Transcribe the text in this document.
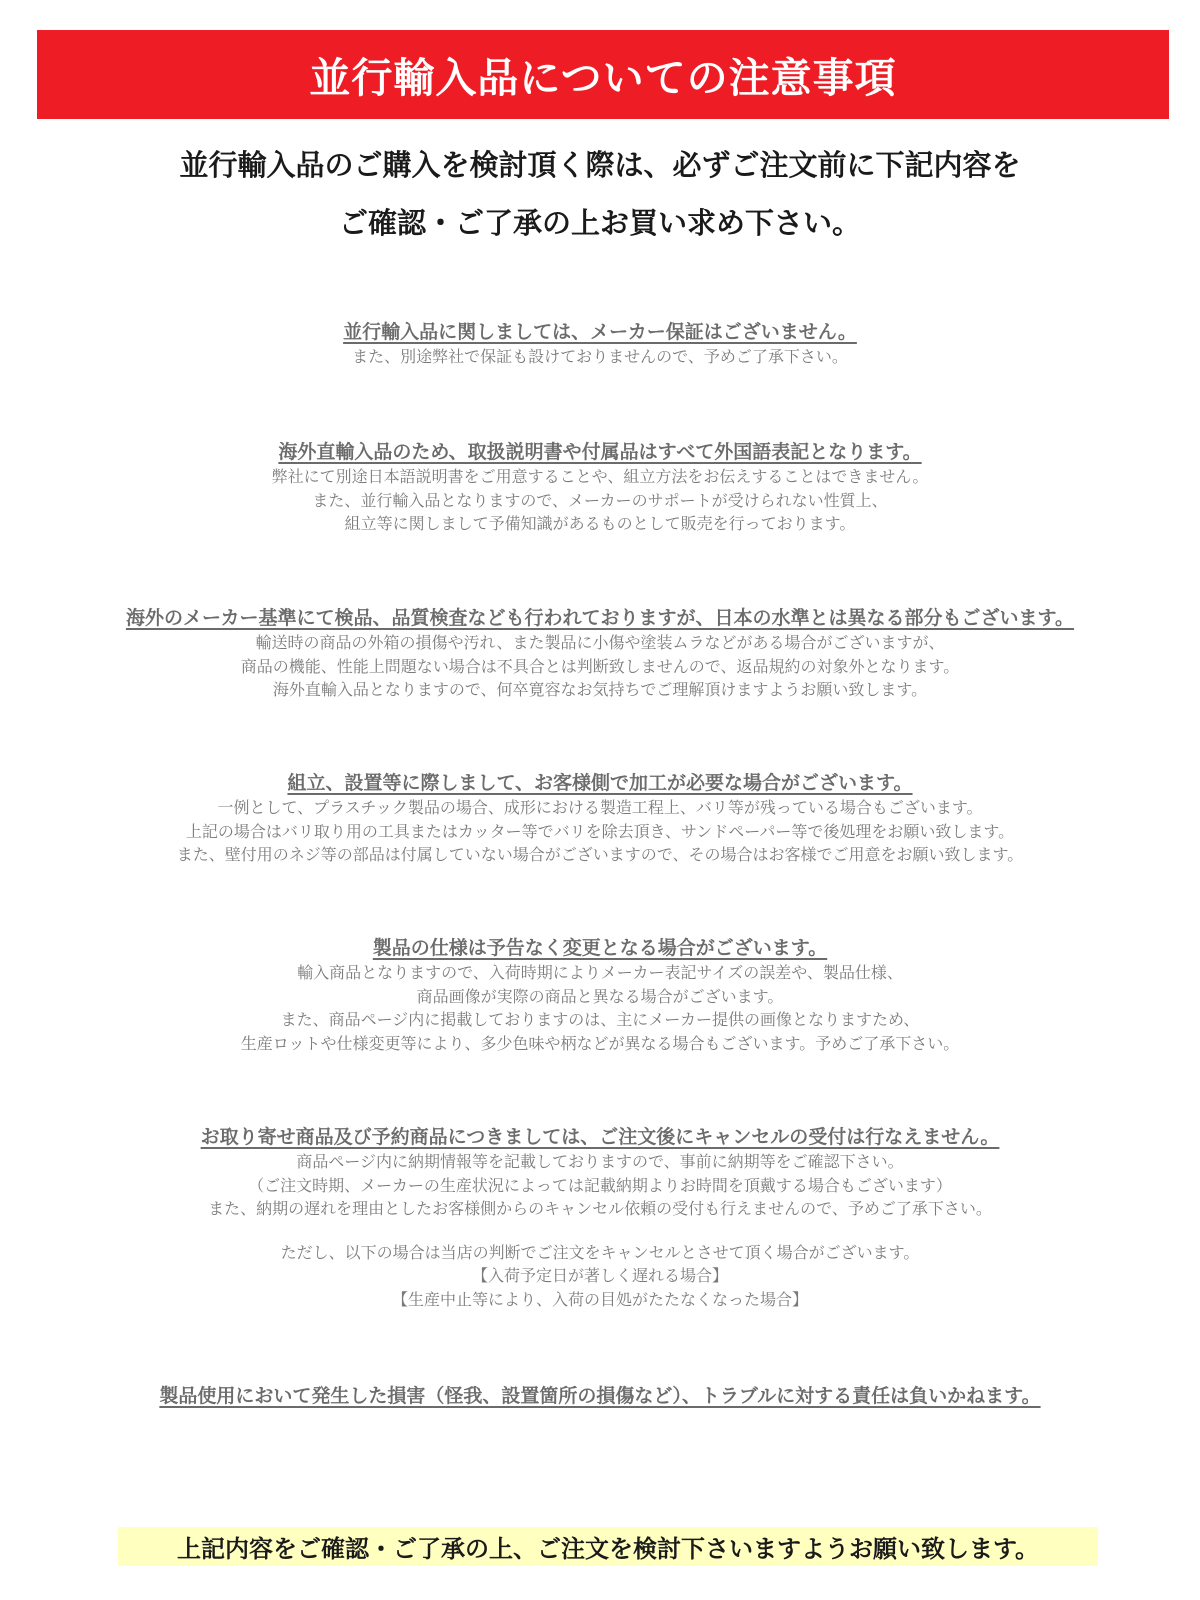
並行輸入品についての注意事項
並行輸入品のご購入を検討頂く際は、必ずご注文前に下記内容を
ご確認・ご了承の上お買い求め下さい。
並行輸入品に関しましては、メーカー保証はございません。
また、別途弊社で保証も設けておりませんので、予めご了承下さい。
海外直輸入品のため、取扱説明書や付属品はすべて外国語表記となります。
弊社にて別途日本語説明書をご用意することや、組立方法をお伝えすることはできません。
また、並行輸入品となりますので、メーカーのサポートが受けられない性質上、
組立等に関しまして予備知識があるものとして販売を行っております。
海外のメーカー基準にて検品、品質検査なども行われておりますが、日本の水準とは異なる部分もございます。
輸送時の商品の外箱の損傷や汚れ、また製品に小傷や塗装ムラなどがある場合がございますが、
商品の機能、性能上問題ない場合は不具合とは判断致しませんので、返品規約の対象外となります。
海外直輸入品となりますので、何卒寛容なお気持ちでご理解頂けますようお願い致します。
組立、設置等に際しまして、お客様側で加工が必要な場合がございます。
一例として、プラスチック製品の場合、成形における製造工程上、バリ等が残っている場合もございます。
上記の場合はバリ取り用の工具またはカッター等でバリを除去頂き、サンドペーパー等で後処理をお願い致します。
また、壁付用のネジ等の部品は付属していない場合がございますので、その場合はお客様でご用意をお願い致します。
製品の仕様は予告なく変更となる場合がございます。
輸入商品となりますので、入荷時期によりメーカー表記サイズの誤差や、製品仕様、
商品画像が実際の商品と異なる場合がございます。
また、商品ページ内に掲載しておりますのは、主にメーカー提供の画像となりますため、
生産ロットや仕様変更等により、多少色味や柄などが異なる場合もございます。予めご了承下さい。
お取り寄せ商品及び予約商品につきましては、ご注文後にキャンセルの受付は行なえません。
商品ページ内に納期情報等を記載しておりますので、事前に納期等をご確認下さい。
（ご注文時期、メーカーの生産状況によっては記載納期よりお時間を頂戴する場合もございます）
また、納期の遅れを理由としたお客様側からのキャンセル依頼の受付も行えませんので、予めご了承下さい。
ただし、以下の場合は当店の判断でご注文をキャンセルとさせて頂く場合がございます。
【入荷予定日が著しく遅れる場合】
【生産中止等により、入荷の目処がたたなくなった場合】
製品使用において発生した損害（怪我、設置箇所の損傷など）、トラブルに対する責任は負いかねます。
上記内容をご確認・ご了承の上、ご注文を検討下さいますようお願い致します。
